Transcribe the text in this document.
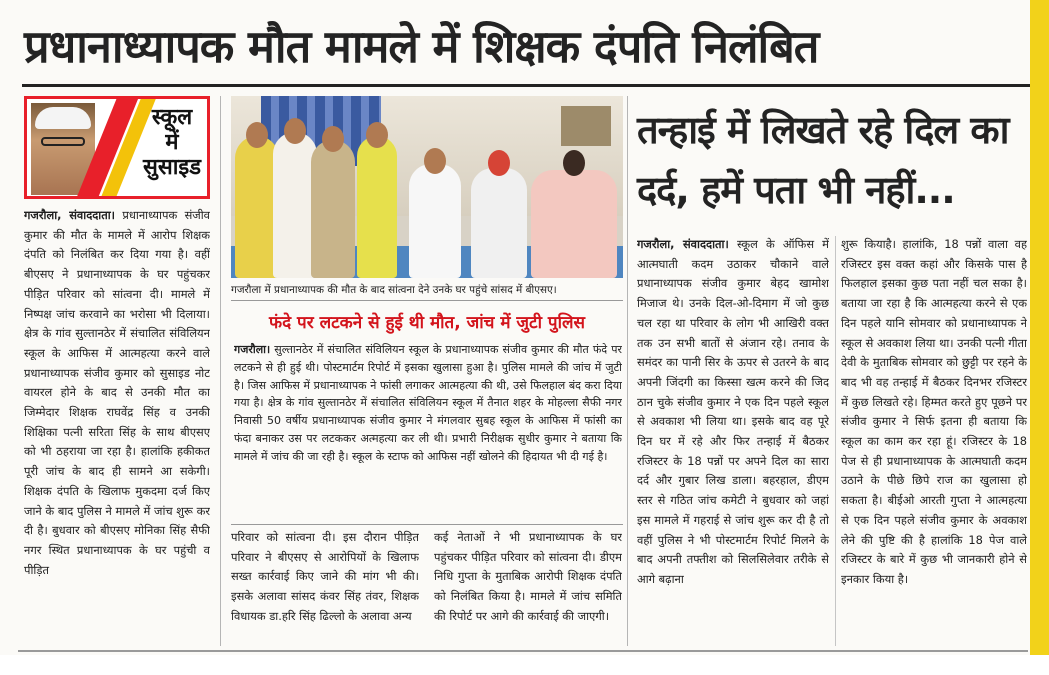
प्रधानाध्यापक मौत मामले में शिक्षक दंपति निलंबित
स्कूल
में
सुसाइड
गजरौला, संवाददाता। प्रधानाध्यापक संजीव कुमार की मौत के मामले में आरोप शिक्षक दंपति को निलंबित कर दिया गया है। वहीं बीएसए ने प्रधानाध्यापक के घर पहुंचकर पीड़ित परिवार को सांत्वना दी। मामले में निष्पक्ष जांच करवाने का भरोसा भी दिलाया। क्षेत्र के गांव सुल्तानठेर में संचालित संविलियन स्कूल के आफिस में आत्महत्या करने वाले प्रधानाध्यापक संजीव कुमार को सुसाइड नोट वायरल होने के बाद से उनकी मौत का जिम्मेदार शिक्षक राघवेंद्र सिंह व उनकी शिक्षिका पत्नी सरिता सिंह के साथ बीएसए को भी ठहराया जा रहा है। हालांकि हकीकत पूरी जांच के बाद ही सामने आ सकेगी। शिक्षक दंपति के खिलाफ मुकदमा दर्ज किए जाने के बाद पुलिस ने मामले में जांच शुरू कर दी है। बुधवार को बीएसए मोनिका सिंह सैफी नगर स्थित प्रधानाध्यापक के घर पहुंची व पीड़ित
गजरौला में प्रधानाध्यापक की मौत के बाद सांत्वना देने उनके घर पहुंचे सांसद में बीएसए।
फंदे पर लटकने से हुई थी मौत, जांच में जुटी पुलिस
गजरौला। सुल्तानठेर में संचालित संविलियन स्कूल के प्रधानाध्यापक संजीव कुमार की मौत फंदे पर लटकने से ही हुई थी। पोस्टमार्टम रिपोर्ट में इसका खुलासा हुआ है। पुलिस मामले की जांच में जुटी है। जिस आफिस में प्रधानाध्यापक ने फांसी लगाकर आत्महत्या की थी, उसे फिलहाल बंद करा दिया गया है। क्षेत्र के गांव सुल्तानठेर में संचालित संविलियन स्कूल में तैनात शहर के मोहल्ला सैफी नगर निवासी 50 वर्षीय प्रधानाध्यापक संजीव कुमार ने मंगलवार सुबह स्कूल के आफिस में फांसी का फंदा बनाकर उस पर लटककर अत्महत्या कर ली थी। प्रभारी निरीक्षक सुधीर कुमार ने बताया कि मामले में जांच की जा रही है। स्कूल के स्टाफ को आफिस नहीं खोलने की हिदायत भी दी गई है।
परिवार को सांत्वना दी। इस दौरान पीड़ित परिवार ने बीएसए से आरोपियों के खिलाफ सख्त कार्रवाई किए जाने की मांग भी की। इसके अलावा सांसद कंवर सिंह तंवर, शिक्षक विधायक डा.हरि सिंह ढिल्लो के अलावा अन्य
कई नेताओं ने भी प्रधानाध्यापक के घर पहुंचकर पीड़ित परिवार को सांत्वना दी। डीएम निधि गुप्ता के मुताबिक आरोपी शिक्षक दंपति को निलंबित किया है। मामले में जांच समिति की रिपोर्ट पर आगे की कार्रवाई की जाएगी।
तन्हाई में लिखते रहे दिल का दर्द, हमें पता भी नहीं...
गजरौला, संवाददाता। स्कूल के ऑफिस में आत्मघाती कदम उठाकर चौकाने वाले प्रधानाध्यापक संजीव कुमार बेहद खामोश मिजाज थे। उनके दिल-ओ-दिमाग में जो कुछ चल रहा था परिवार के लोग भी आखिरी वक्त तक उन सभी बातों से अंजान रहे। तनाव के समंदर का पानी सिर के ऊपर से उतरने के बाद अपनी जिंदगी का किस्सा खत्म करने की जिद ठान चुके संजीव कुमार ने एक दिन पहले स्कूल से अवकाश भी लिया था। इसके बाद वह पूरे दिन घर में रहे और फिर तन्हाई में बैठकर रजिस्टर के 18 पन्नों पर अपने दिल का सारा दर्द और गुबार लिख डाला। बहरहाल, डीएम स्तर से गठित जांच कमेटी ने बुधवार को जहां इस मामले में गहराई से जांच शुरू कर दी है तो वहीं पुलिस ने भी पोस्टमार्टम रिपोर्ट मिलने के बाद अपनी तफ्तीश को सिलसिलेवार तरीके से आगे बढ़ाना
शुरू कियाहै। हालांकि, 18 पन्नों वाला वह रजिस्टर इस वक्त कहां और किसके पास है फिलहाल इसका कुछ पता नहीं चल सका है। बताया जा रहा है कि आत्महत्या करने से एक दिन पहले यानि सोमवार को प्रधानाध्यापक ने स्कूल से अवकाश लिया था। उनकी पत्नी गीता देवी के मुताबिक सोमवार को छुट्टी पर रहने के बाद भी वह तन्हाई में बैठकर दिनभर रजिस्टर में कुछ लिखते रहे। हिम्मत करते हुए पूछने पर संजीव कुमार ने सिर्फ इतना ही बताया कि स्कूल का काम कर रहा हूं। रजिस्टर के 18 पेज से ही प्रधानाध्यापक के आत्मघाती कदम उठाने के पीछे छिपे राज का खुलासा हो सकता है। बीईओ आरती गुप्ता ने आत्महत्या से एक दिन पहले संजीव कुमार के अवकाश लेने की पुष्टि की है हालांकि 18 पेज वाले रजिस्टर के बारे में कुछ भी जानकारी होने से इनकार किया है।
